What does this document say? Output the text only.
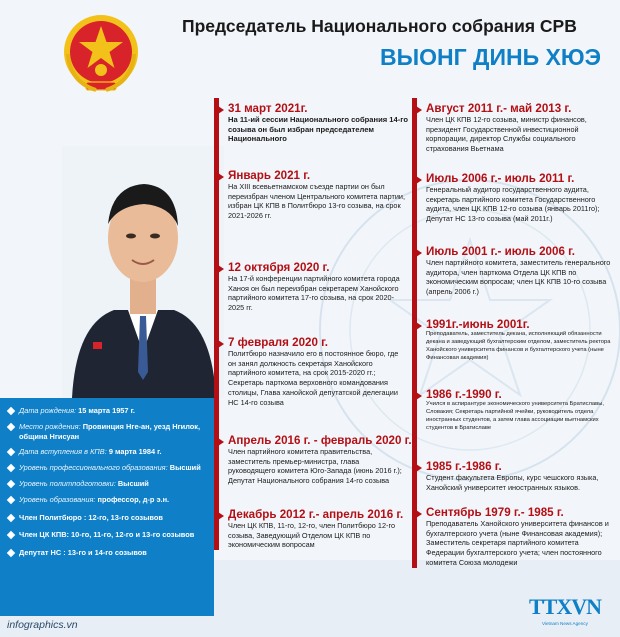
Председатель Национального собрания СРВ
ВЫОНГ ДИНЬ ХЮЭ
Дата рождения: 15 марта 1957 г.
Место рождения: Провинция Нге-ан, уезд Нгилок, община Нгисуан
Дата вступления в КПВ: 9 марта 1984 г.
Уровень профессионального образования: Высший
Уровень политподготовки: Высший
Уровень образования: профессор, д-р э.н.
Член Политбюро : 12-го, 13-го созывов
Член ЦК КПВ: 10-го, 11-го, 12-го и 13-го созывов
Депутат НС : 13-го и 14-го созывов
infographics.vn
31 март 2021г.
На 11-ий сессии Национального собрания 14-го созыва он был избран председателем Национального
Январь 2021 г.
На XIII всевьетнамском съезде партии он был переизбран членом Центрального комитета партии, избран ЦК КПВ в Политбюро 13-го созыва, на срок 2021-2026 гг.
12 октября 2020 г.
На 17-й конференции партийного комитета города Ханоя он был переизбран секретарем Ханойского партийного комитета 17-го созыва, на срок 2020-2025 гг.
7 февраля 2020 г.
Политбюро назначило его в постоянное бюро, где он занял должность секретаря Ханойского партийного комитета, на срок 2015-2020 гг.; Секретарь парткома верховного командования столицы, Глава ханойской депутатской делегации НС 14-го созыва
Апрель 2016 г. - февраль 2020 г.
Член партийного комитета правительства, заместитель премьер-министра, глава руководящего комитета Юго-Запада (июнь 2016 г.); Депутат Национального собрания 14-го созыва
Декабрь 2012 г.- апрель 2016 г.
Член ЦК КПВ, 11-го, 12-го, член Политбюро 12-го созыва, Заведующий Отделом ЦК КПВ по экономическим вопросам
Август 2011 г.- май 2013 г.
Член ЦК КПВ 12-го созыва, министр финансов, президент Государственной инвестиционной корпорации, директор Службы социального страхования Вьетнама
Июль 2006 г.- июль 2011 г.
Генеральный аудитор государственного аудита, секретарь партийного комитета Государственного аудита, член ЦК КПВ 12-го созыва (январь 2011го); Депутат НС 13-го созыва (май 2011г.)
Июль 2001 г.- июль 2006 г.
Член партийного комитета, заместитель генерального аудитора, член парткома Отдела ЦК КПВ по экономическим вопросам; член ЦК КПВ 10-го созыва (апрель 2006 г.)
1991г.-июнь 2001г.
Преподаватель, заместитель декана, исполняющий обязанности декана и заведующий бухгалтерским отделом, заместитель ректора Ханойского университета финансов и бухгалтерского учета (ныне Финансовая академия)
1986 г.-1990 г.
Учился в аспирантуре экономического университета Братиславы, Словакия; Секретарь партийной ячейки, руководитель отдела иностранных студентов, а затем глава ассоциации вьетнамских студентов в Братиславе
1985 г.-1986 г.
Студент факультета Европы, курс чешского языка, Ханойский университет иностранных языков.
Сентябрь 1979 г.- 1985 г.
Преподаватель Ханойского университета финансов и бухгалтерского учета (ныне Финансовая академия); Заместитель секретаря партийного комитета Федерации бухгалтерского учета; член постоянного комитета Союза молодежи
TTXVN
Vietnam News Agency
